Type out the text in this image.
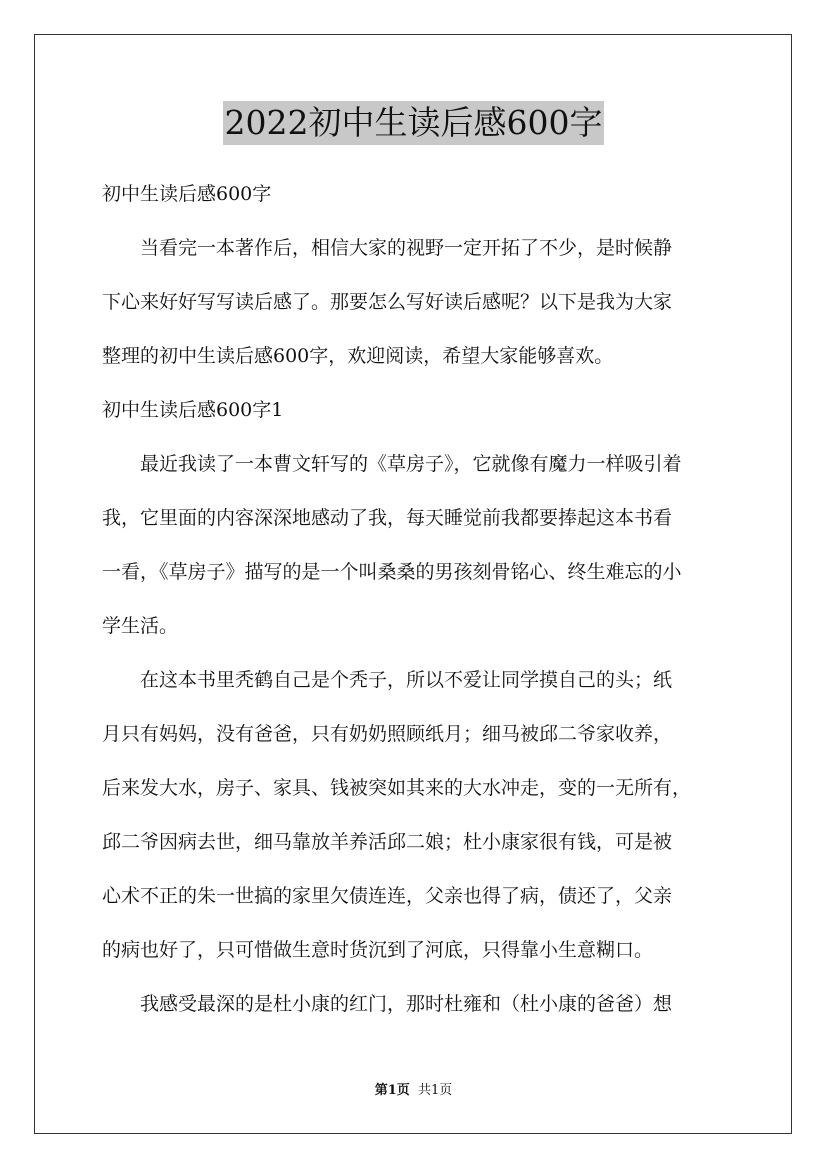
2022初中生读后感600字
初中生读后感600字
　　当看完一本著作后，相信大家的视野一定开拓了不少，是时候静
下心来好好写写读后感了。那要怎么写好读后感呢？以下是我为大家
整理的初中生读后感600字，欢迎阅读，希望大家能够喜欢。
初中生读后感600字1
　　最近我读了一本曹文轩写的《草房子》，它就像有魔力一样吸引着
我，它里面的内容深深地感动了我，每天睡觉前我都要捧起这本书看
一看，《草房子》描写的是一个叫桑桑的男孩刻骨铭心、终生难忘的小
学生活。
　　在这本书里秃鹤自己是个秃子，所以不爱让同学摸自己的头；纸
月只有妈妈，没有爸爸，只有奶奶照顾纸月；细马被邱二爷家收养，
后来发大水，房子、家具、钱被突如其来的大水冲走，变的一无所有，
邱二爷因病去世，细马靠放羊养活邱二娘；杜小康家很有钱，可是被
心术不正的朱一世搞的家里欠债连连，父亲也得了病，债还了，父亲
的病也好了，只可惜做生意时货沉到了河底，只得靠小生意糊口。
　　我感受最深的是杜小康的红门，那时杜雍和（杜小康的爸爸）想
第1页 共1页
